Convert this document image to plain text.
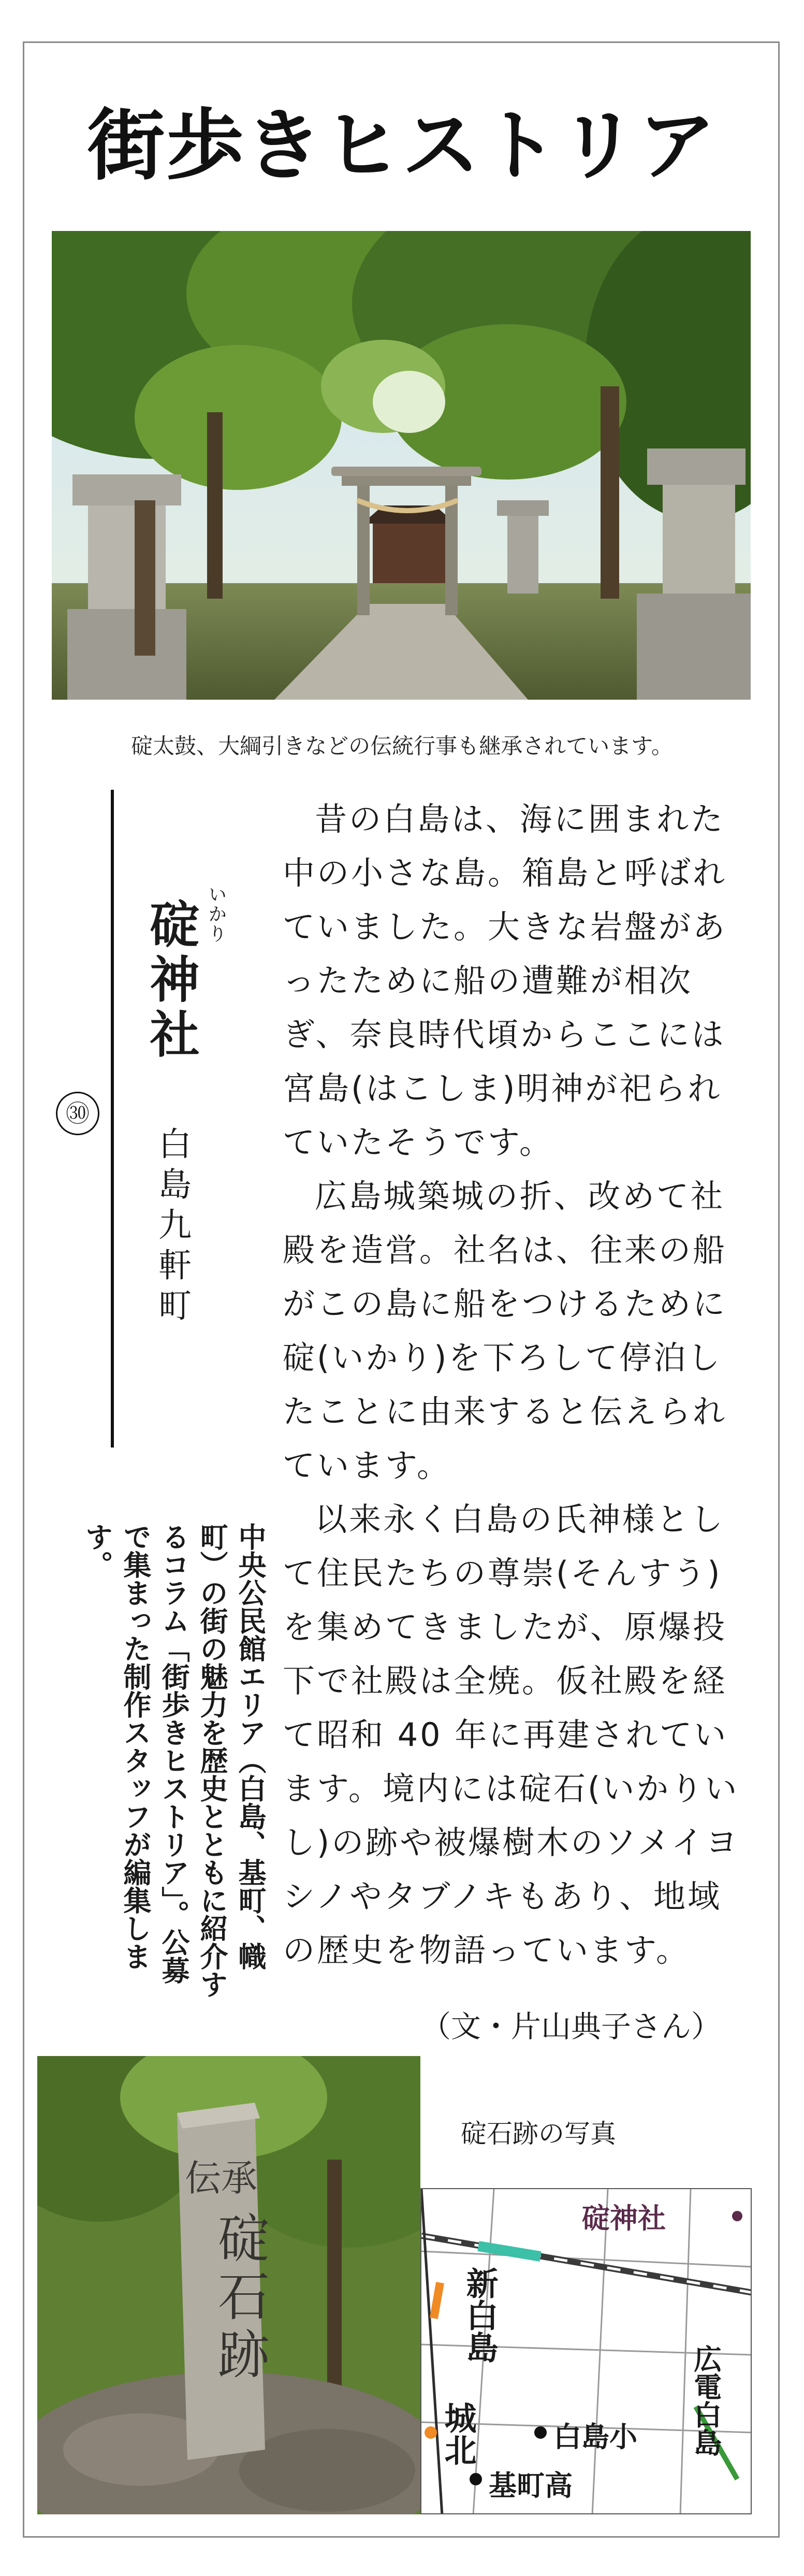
街歩きヒストリア
碇太鼓、大綱引きなどの伝統行事も継承されています。
いかり
碇神社
㉚
白島九軒町
中央公民館エリア（白島、基町、幟町）の街の魅力を歴史とともに紹介するコラム「街歩きヒストリア」。公募で集まった制作スタッフが編集します。

昔の白島は、海に囲まれた中の小さな島。箱島と呼ばれていました。大きな岩盤があったために船の遭難が相次ぎ、奈良時代頃からここには宮島(はこしま)明神が祀られていたそうです。

広島城築城の折、改めて社殿を造営。社名は、往来の船がこの島に船をつけるために碇(いかり)を下ろして停泊したことに由来すると伝えられています。

以来永く白島の氏神様として住民たちの尊崇(そんすう)を集めてきましたが、原爆投下で社殿は全焼。仮社殿を経て昭和 40 年に再建されています。境内には碇石(いかりいし)の跡や被爆樹木のソメイヨシノやタブノキもあり、地域の歴史を物語っています。

（文・片山典子さん）
伝承
碇石跡
碇石跡の写真
碇神社
新白島
城北	白島小
基町高
広電白島
